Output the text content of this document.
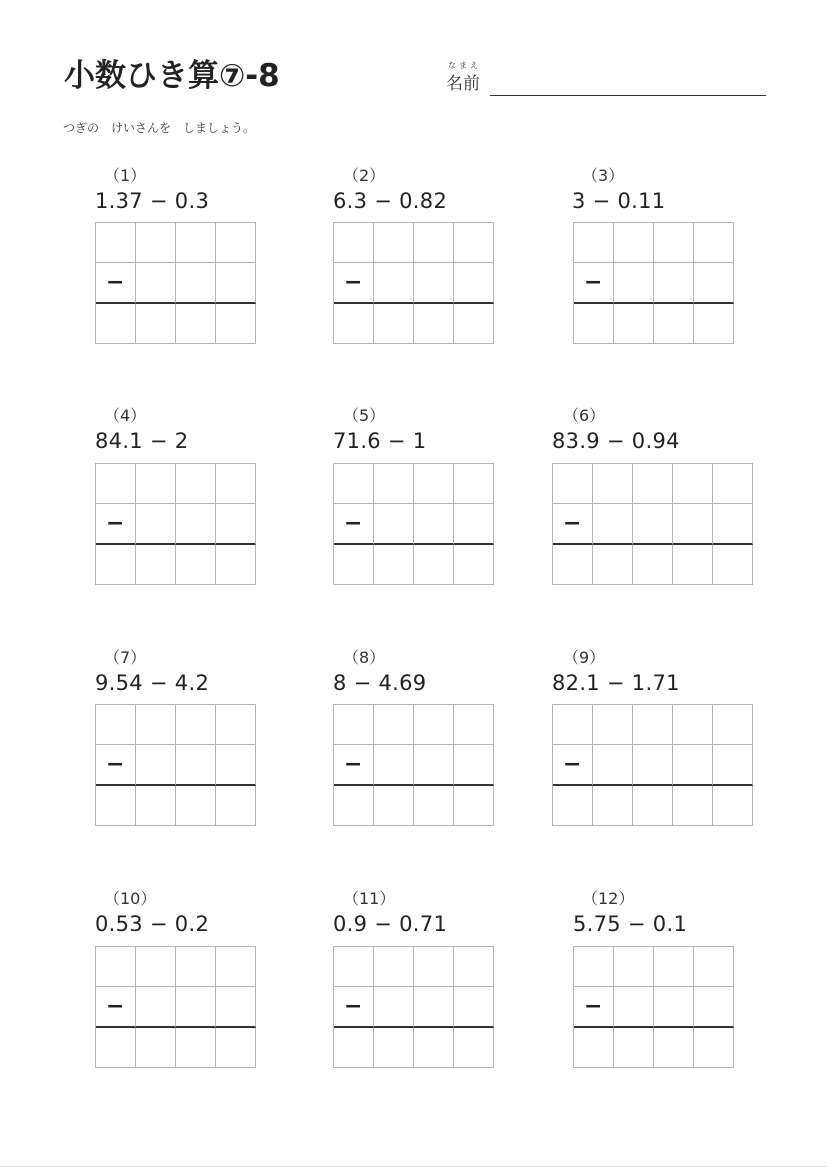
小数ひき算⑦-8	なまえ
名前

つぎの　けいさんを　しましょう。

（1）
1.37 − 0.3
−
（2）
6.3 − 0.82
−
（3）
3 − 0.11
−
（4）
84.1 − 2
−
（5）
71.6 − 1
−
（6）
83.9 − 0.94
−
（7）
9.54 − 4.2
−
（8）
8 − 4.69
−
（9）
82.1 − 1.71
−
（10）
0.53 − 0.2
−
（11）
0.9 − 0.71
−
（12）
5.75 − 0.1
−
